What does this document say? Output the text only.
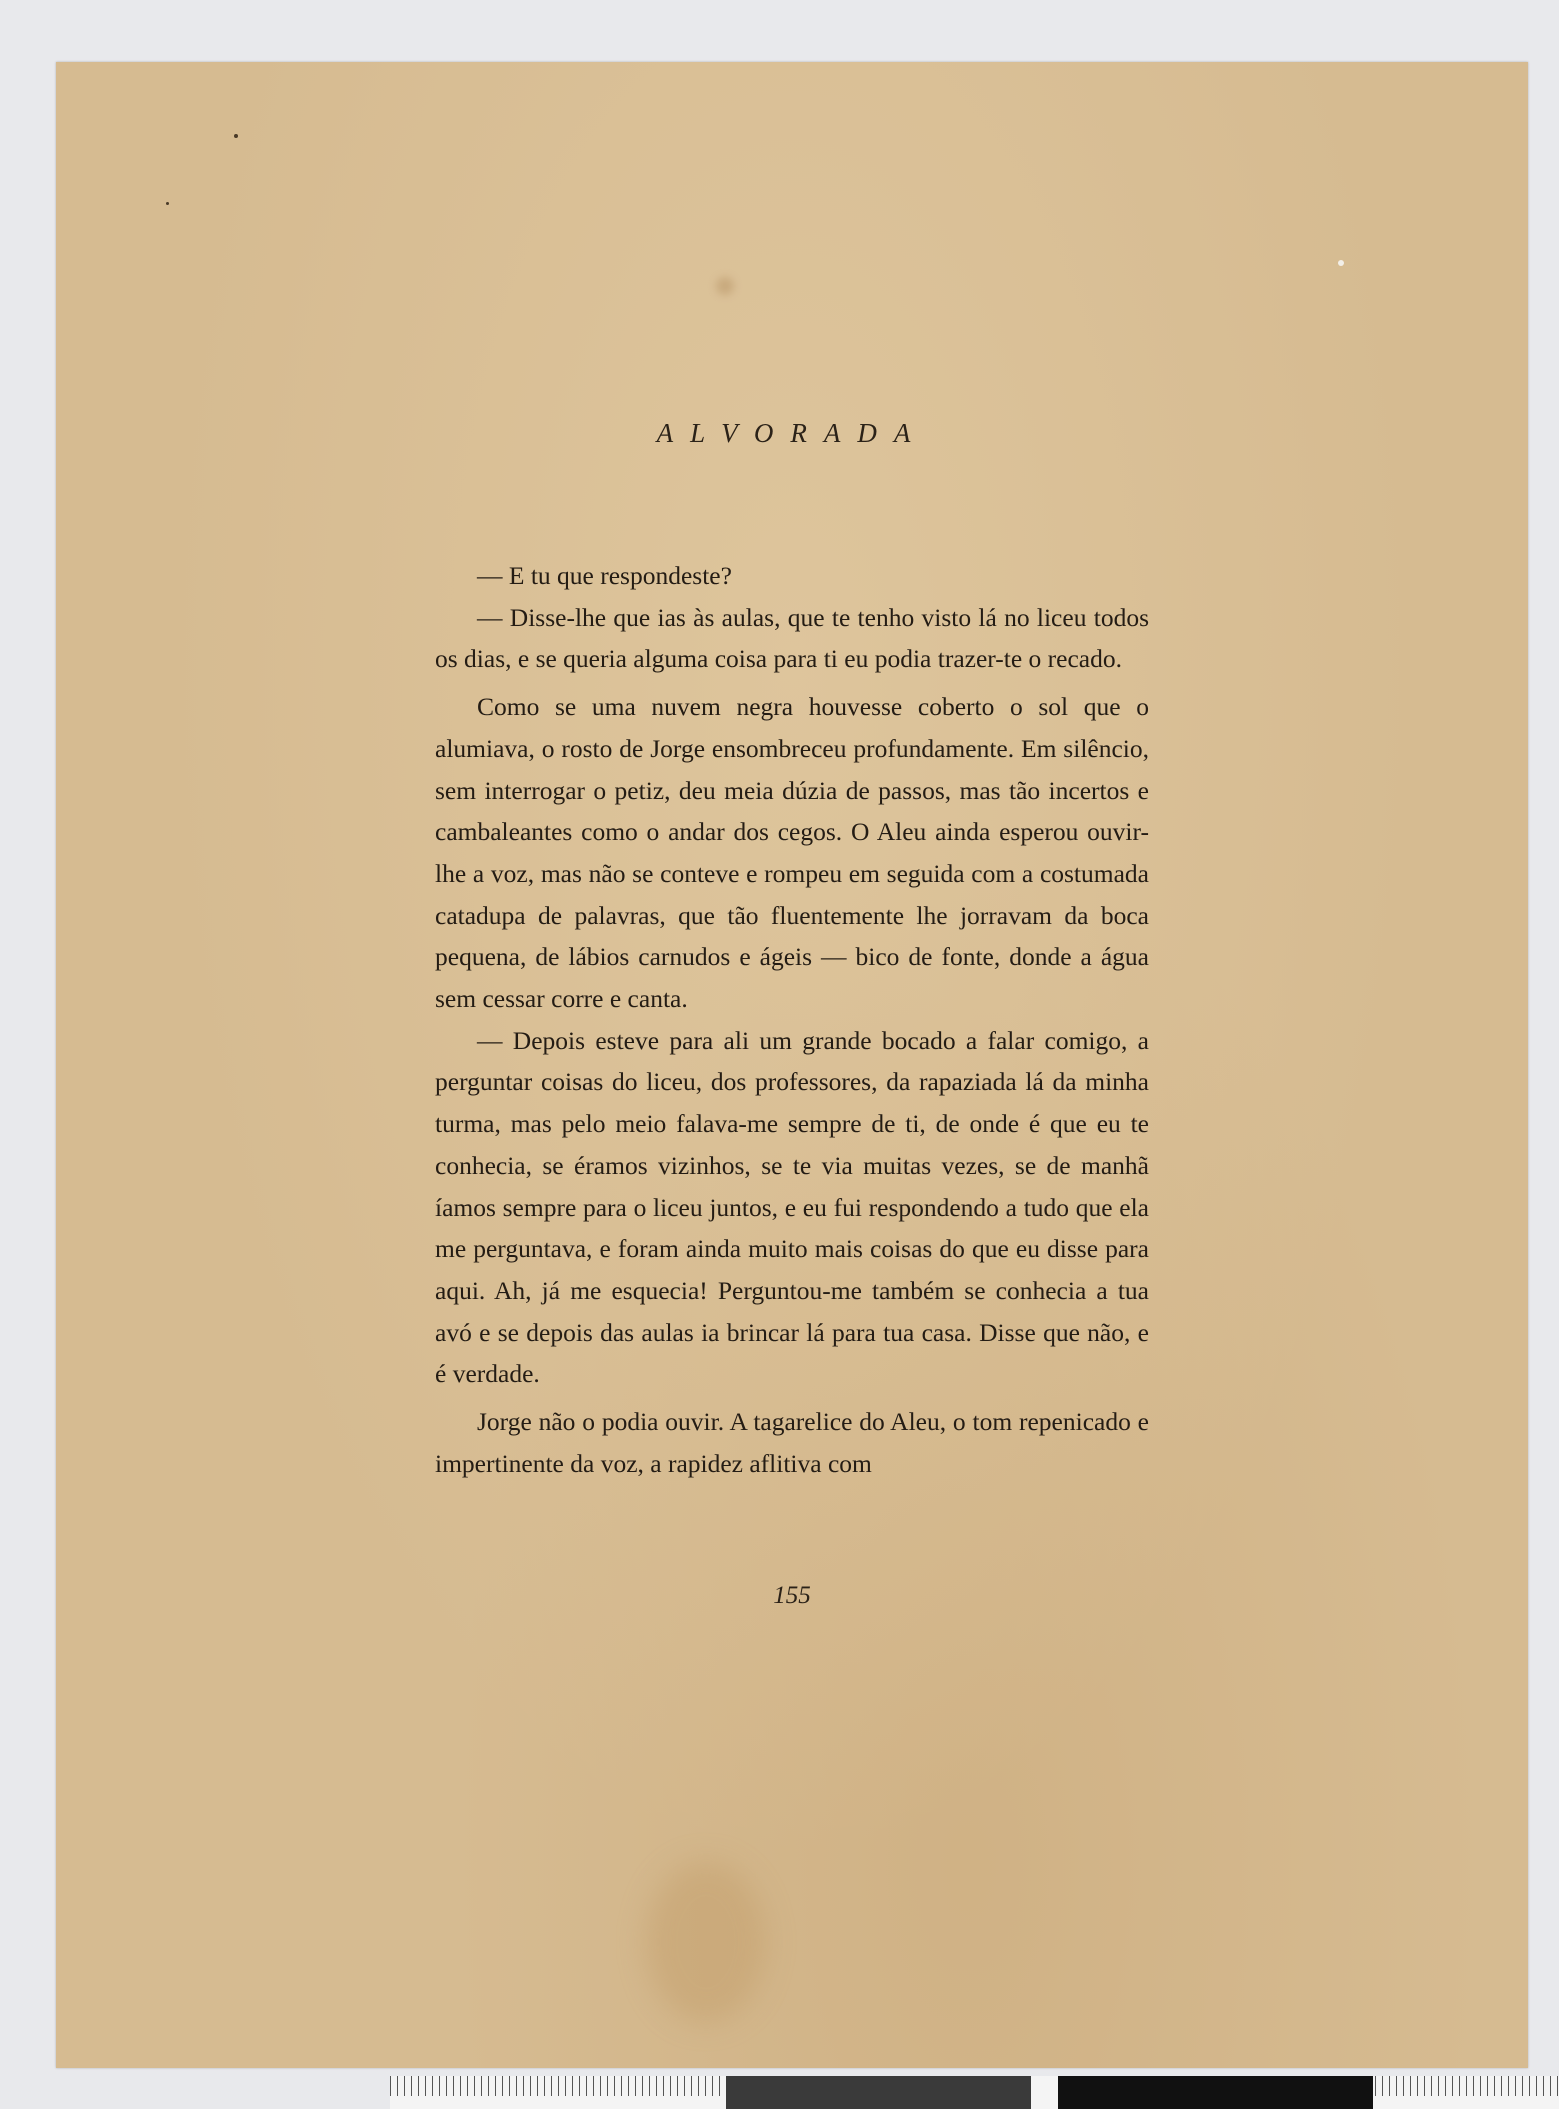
ALVORADA

— E tu que respondeste?

— Disse-lhe que ias às aulas, que te tenho visto lá no liceu todos os dias, e se queria alguma coisa para ti eu podia trazer-te o recado.

Como se uma nuvem negra houvesse coberto o sol que o alumiava, o rosto de Jorge ensombreceu profundamente. Em silêncio, sem interrogar o petiz, deu meia dúzia de passos, mas tão incertos e cambaleantes como o andar dos cegos. O Aleu ainda esperou ouvir-lhe a voz, mas não se conteve e rompeu em seguida com a costumada catadupa de palavras, que tão fluentemente lhe jorravam da boca pequena, de lábios carnudos e ágeis — bico de fonte, donde a água sem cessar corre e canta.

— Depois esteve para ali um grande bocado a falar comigo, a perguntar coisas do liceu, dos professores, da rapaziada lá da minha turma, mas pelo meio falava-me sempre de ti, de onde é que eu te conhecia, se éramos vizinhos, se te via muitas vezes, se de manhã íamos sempre para o liceu juntos, e eu fui respondendo a tudo que ela me perguntava, e foram ainda muito mais coisas do que eu disse para aqui. Ah, já me esquecia! Perguntou-me também se conhecia a tua avó e se depois das aulas ia brincar lá para tua casa. Disse que não, e é verdade.

Jorge não o podia ouvir. A tagarelice do Aleu, o tom repenicado e impertinente da voz, a rapidez aflitiva com

155
